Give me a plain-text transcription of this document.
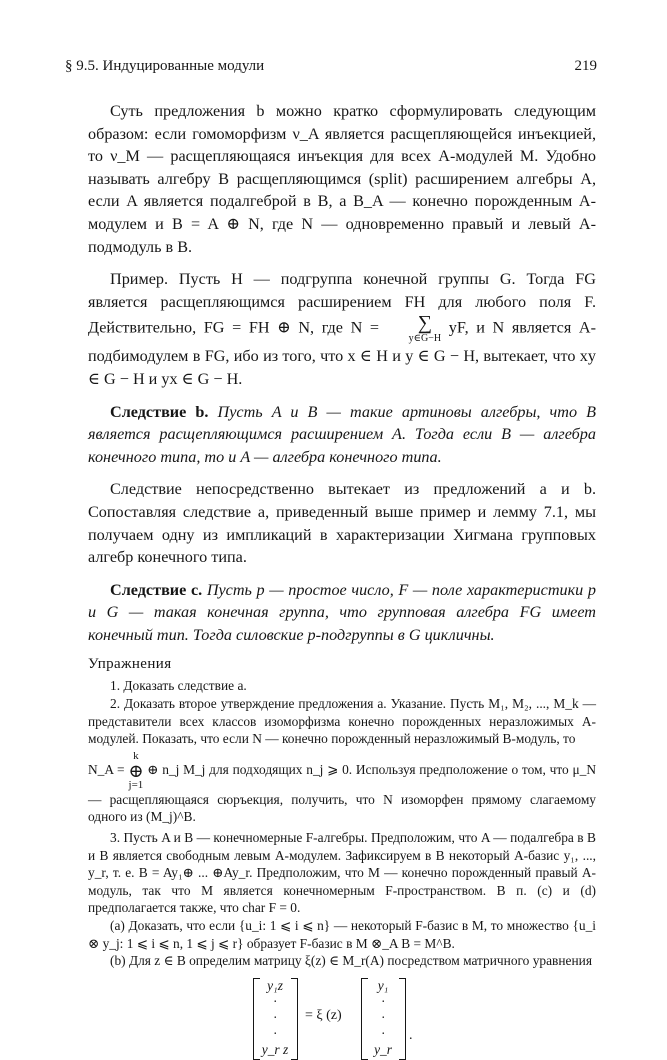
§ 9.5. Индуцированные модули	219

Суть предложения b можно кратко сформулировать следующим образом: если гомоморфизм ν_A является расщепляющейся инъекцией, то ν_M — расщепляющаяся инъекция для всех A-модулей M. Удобно называть алгебру B расщепляющимся (split) расширением алгебры A, если A является подалгеброй в B, а B_A — конечно порожденным A-модулем и B = A ⊕ N, где N — одновременно правый и левый A-подмодуль в B.

Пример. Пусть H — подгруппа конечной группы G. Тогда FG является расщепляющимся расширением FH для любого поля F. Действительно, FG = FH ⊕ N, где N =	∑
y∈G−H
yF, и N является A-подбимодулем в FG, ибо из того, что x ∈ H и y ∈ G − H, вытекает, что xy ∈ G − H и yx ∈ G − H.

Следствие b. Пусть A и B — такие артиновы алгебры, что B является расщепляющимся расширением A. Тогда если B — алгебра конечного типа, то и A — алгебра конечного типа.

Следствие непосредственно вытекает из предложений a и b. Сопоставляя следствие a, приведенный выше пример и лемму 7.1, мы получаем одну из импликаций в характеризации Хигмана групповых алгебр конечного типа.

Следствие c. Пусть p — простое число, F — поле характеристики p и G — такая конечная группа, что групповая алгебра FG имеет конечный тип. Тогда силовские p-подгруппы в G цикличны.

Упражнения

1. Доказать следствие a.

2. Доказать второе утверждение предложения a. Указание. Пусть M₁, M₂, ..., M_k — представители всех классов изоморфизма конечно порожденных неразложимых A-модулей. Показать, что если N — конечно порожденный неразложимый B-модуль, то

N_A = k
⊕
j=1 ⊕ n_j M_j для подходящих n_j ⩾ 0. Используя предположение о том, что μ_N — расщепляющаяся сюръекция, получить, что N изоморфен прямому слагаемому одного из (M_j)^B.

3. Пусть A и B — конечномерные F-алгебры. Предположим, что A — подалгебра в B и B является свободным левым A-модулем. Зафиксируем в B некоторый A-базис y₁, ..., y_r, т. е. B = Ay₁⊕ ... ⊕Ay_r. Предположим, что M — конечно порожденный правый A-модуль, так что M является конечномерным F-пространством. В п. (c) и (d) предполагается также, что char F = 0.

(a) Доказать, что если {u_i: 1 ⩽ i ⩽ n} — некоторый F-базис в M, то множество {u_i ⊗ y_j: 1 ⩽ i ⩽ n, 1 ⩽ j ⩽ r} образует F-базис в M ⊗_A B = M^B.

(b) Для z ∈ B определим матрицу ξ(z) ∈ M_r(A) посредством матричного уравнения

y₁z
·
·
·
y_r z
= ξ (z)
y₁
·
·
·
y_r
.
